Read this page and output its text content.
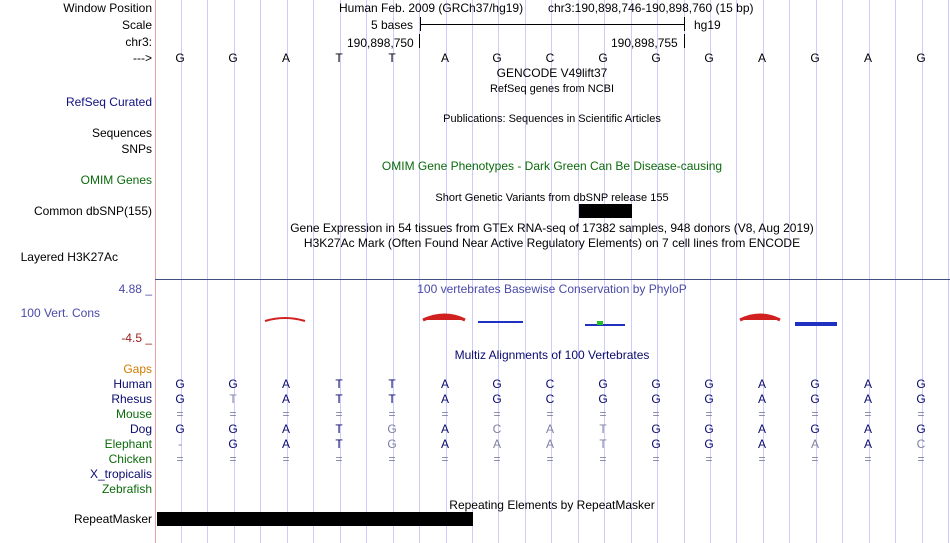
Window Position	Human Feb. 2009 (GRCh37/hg19) chr3:190,898,746-190,898,760 (15 bp)
Scale	5 bases	hg19
chr3:	190,898,750	190,898,755
--->	G	G	A	T	T	A	G	C	G	G	G	A	G	A	G
GENCODE V49lift37
RefSeq genes from NCBI
RefSeq Curated
Publications: Sequences in Scientific Articles
Sequences
SNPs
OMIM Gene Phenotypes - Dark Green Can Be Disease-causing
OMIM Genes
Short Genetic Variants from dbSNP release 155
Common dbSNP(155)
Gene Expression in 54 tissues from GTEx RNA-seq of 17382 samples, 948 donors (V8, Aug 2019)
H3K27Ac Mark (Often Found Near Active Regulatory Elements) on 7 cell lines from ENCODE
Layered H3K27Ac
4.88 _	100 vertebrates Basewise Conservation by PhyloP
100 Vert. Cons
-4.5 _
Multiz Alignments of 100 Vertebrates
Gaps
Human	G	G	A	T	T	A	G	C	G	G	G	A	G	A	G
Rhesus	G	T	A	T	T	A	G	C	G	G	G	A	G	A	G
Mouse	=	=	=	=	=	=	=	=	=	=	=	=	=	=	=
Dog	G	G	A	T	G	A	C	A	T	G	G	A	G	A	G
Elephant	-	G	A	T	G	A	A	A	T	G	G	A	A	A	C
Chicken	=	=	=	=	=	=	=	=	=	=	=	=	=	=	=
X_tropicalis
Zebrafish
Repeating Elements by RepeatMasker
RepeatMasker
